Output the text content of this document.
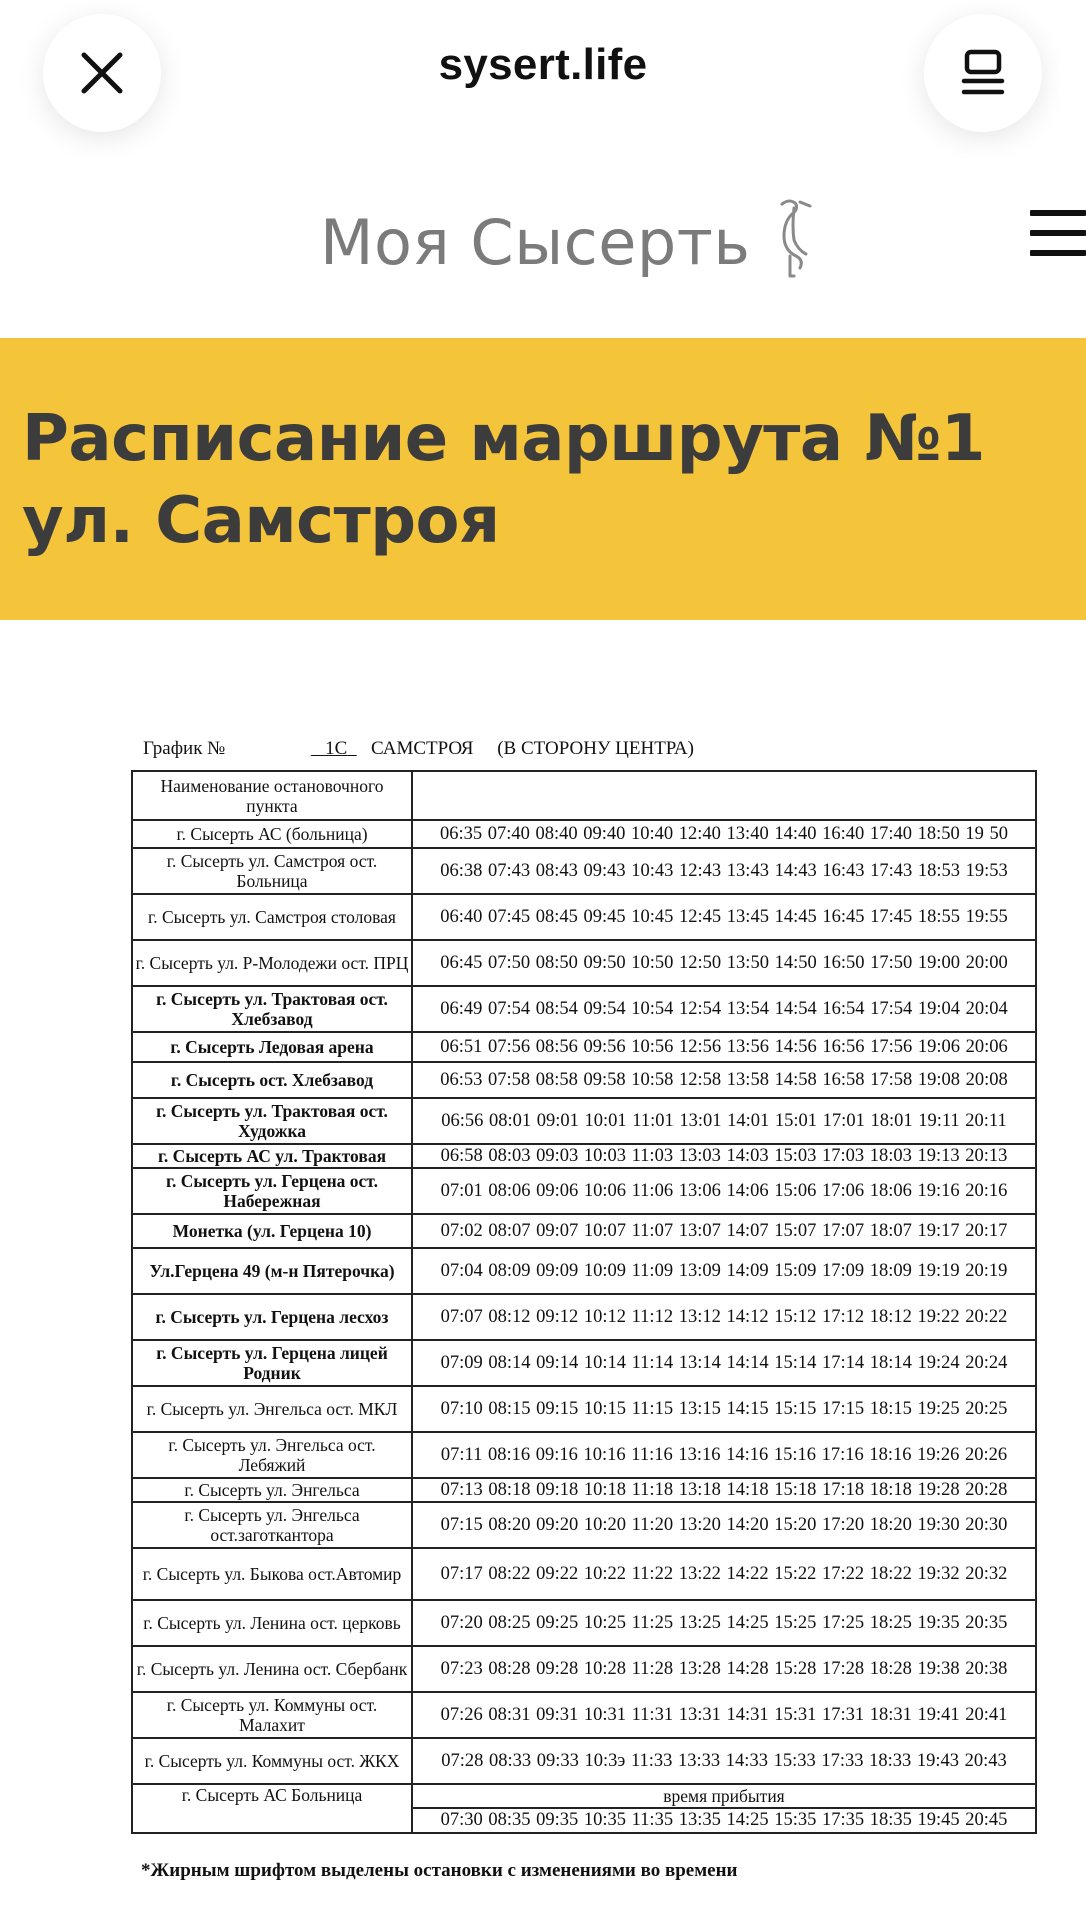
sysert.life
Моя Сысерть
Расписание маршрута №1 ул. Самстроя
График №	1С САМСТРОЯ (В СТОРОНУ ЦЕНТРА)
Наименование остановочного пункта	
г. Сысерть АС (больница)	06:35 07:40 08:40 09:40 10:40 12:40 13:40 14:40 16:40 17:40 18:50 19 50
г. Сысерть ул. Самстроя ост. Больница	06:38 07:43 08:43 09:43 10:43 12:43 13:43 14:43 16:43 17:43 18:53 19:53
г. Сысерть ул. Самстроя столовая	06:40 07:45 08:45 09:45 10:45 12:45 13:45 14:45 16:45 17:45 18:55 19:55
г. Сысерть ул. Р-Молодежи ост. ПРЦ	06:45 07:50 08:50 09:50 10:50 12:50 13:50 14:50 16:50 17:50 19:00 20:00
г. Сысерть ул. Трактовая ост. Хлебзавод	06:49 07:54 08:54 09:54 10:54 12:54 13:54 14:54 16:54 17:54 19:04 20:04
г. Сысерть Ледовая арена	06:51 07:56 08:56 09:56 10:56 12:56 13:56 14:56 16:56 17:56 19:06 20:06
г. Сысерть ост. Хлебзавод	06:53 07:58 08:58 09:58 10:58 12:58 13:58 14:58 16:58 17:58 19:08 20:08
г. Сысерть ул. Трактовая ост. Художка	06:56 08:01 09:01 10:01 11:01 13:01 14:01 15:01 17:01 18:01 19:11 20:11
г. Сысерть АС ул. Трактовая	06:58 08:03 09:03 10:03 11:03 13:03 14:03 15:03 17:03 18:03 19:13 20:13
г. Сысерть ул. Герцена ост. Набережная	07:01 08:06 09:06 10:06 11:06 13:06 14:06 15:06 17:06 18:06 19:16 20:16
Монетка (ул. Герцена 10)	07:02 08:07 09:07 10:07 11:07 13:07 14:07 15:07 17:07 18:07 19:17 20:17
Ул.Герцена 49 (м-н Пятерочка)	07:04 08:09 09:09 10:09 11:09 13:09 14:09 15:09 17:09 18:09 19:19 20:19
г. Сысерть ул. Герцена лесхоз	07:07 08:12 09:12 10:12 11:12 13:12 14:12 15:12 17:12 18:12 19:22 20:22
г. Сысерть ул. Герцена лицей Родник	07:09 08:14 09:14 10:14 11:14 13:14 14:14 15:14 17:14 18:14 19:24 20:24
г. Сысерть ул. Энгельса ост. МКЛ	07:10 08:15 09:15 10:15 11:15 13:15 14:15 15:15 17:15 18:15 19:25 20:25
г. Сысерть ул. Энгельса ост. Лебяжий	07:11 08:16 09:16 10:16 11:16 13:16 14:16 15:16 17:16 18:16 19:26 20:26
г. Сысерть ул. Энгельса	07:13 08:18 09:18 10:18 11:18 13:18 14:18 15:18 17:18 18:18 19:28 20:28
г. Сысерть ул. Энгельса ост.заготкантора	07:15 08:20 09:20 10:20 11:20 13:20 14:20 15:20 17:20 18:20 19:30 20:30
г. Сысерть ул. Быкова ост.Автомир	07:17 08:22 09:22 10:22 11:22 13:22 14:22 15:22 17:22 18:22 19:32 20:32
г. Сысерть ул. Ленина ост. церковь	07:20 08:25 09:25 10:25 11:25 13:25 14:25 15:25 17:25 18:25 19:35 20:35
г. Сысерть ул. Ленина ост. Сбербанк	07:23 08:28 09:28 10:28 11:28 13:28 14:28 15:28 17:28 18:28 19:38 20:38
г. Сысерть ул. Коммуны ост. Малахит	07:26 08:31 09:31 10:31 11:31 13:31 14:31 15:31 17:31 18:31 19:41 20:41
г. Сысерть ул. Коммуны ост. ЖКХ	07:28 08:33 09:33 10:3э 11:33 13:33 14:33 15:33 17:33 18:33 19:43 20:43
г. Сысерть АС Больница	время прибытия
07:30 08:35 09:35 10:35 11:35 13:35 14:25 15:35 17:35 18:35 19:45 20:45
*Жирным шрифтом выделены остановки с изменениями во времени
